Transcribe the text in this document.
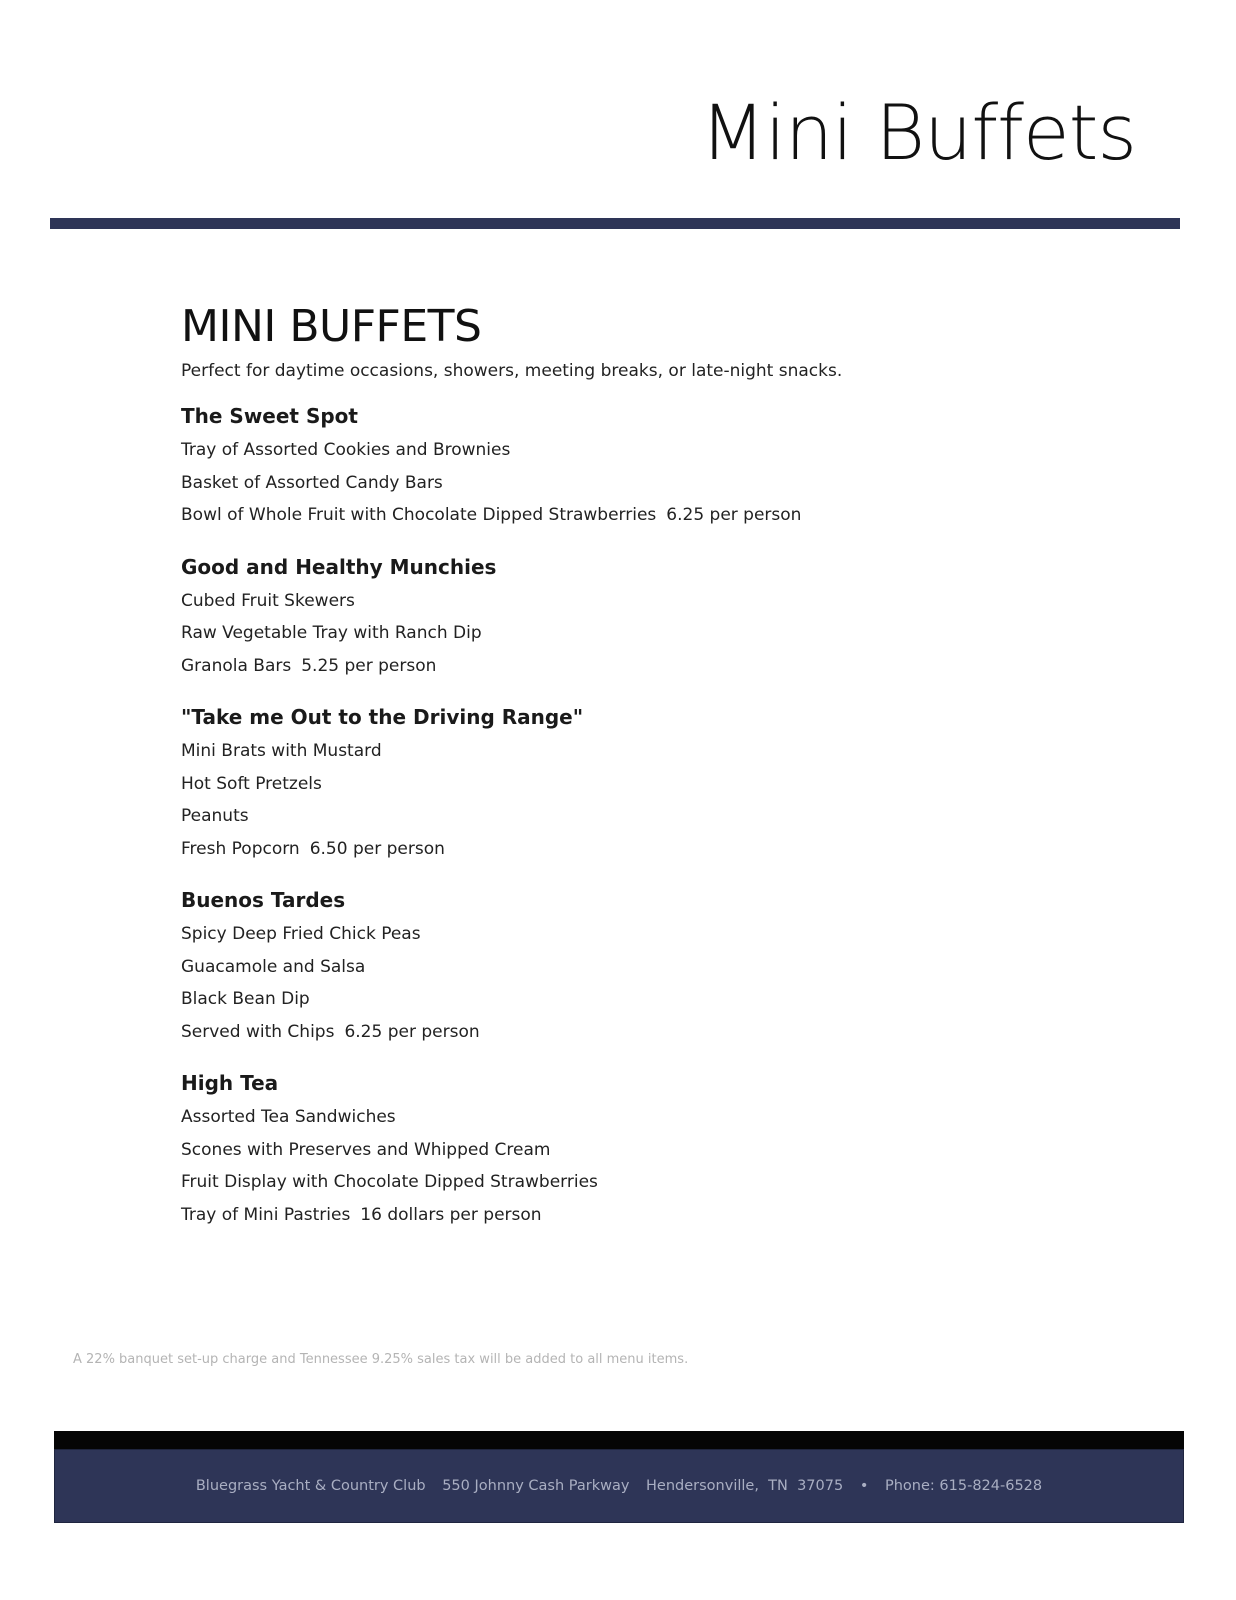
Mini Buffets
MINI BUFFETS
Perfect for daytime occasions, showers, meeting breaks, or late-night snacks.
The Sweet Spot
Tray of Assorted Cookies and Brownies
Basket of Assorted Candy Bars
Bowl of Whole Fruit with Chocolate Dipped Strawberries 6.25 per person
Good and Healthy Munchies
Cubed Fruit Skewers
Raw Vegetable Tray with Ranch Dip
Granola Bars 5.25 per person
"Take me Out to the Driving Range"
Mini Brats with Mustard
Hot Soft Pretzels
Peanuts
Fresh Popcorn 6.50 per person
Buenos Tardes
Spicy Deep Fried Chick Peas
Guacamole and Salsa
Black Bean Dip
Served with Chips 6.25 per person
High Tea
Assorted Tea Sandwiches
Scones with Preserves and Whipped Cream
Fruit Display with Chocolate Dipped Strawberries
Tray of Mini Pastries 16 dollars per person
A 22% banquet set-up charge and Tennessee 9.25% sales tax will be added to all menu items.
Bluegrass Yacht & Country Club 550 Johnny Cash Parkway Hendersonville,  TN  37075 • Phone: 615-824-6528
